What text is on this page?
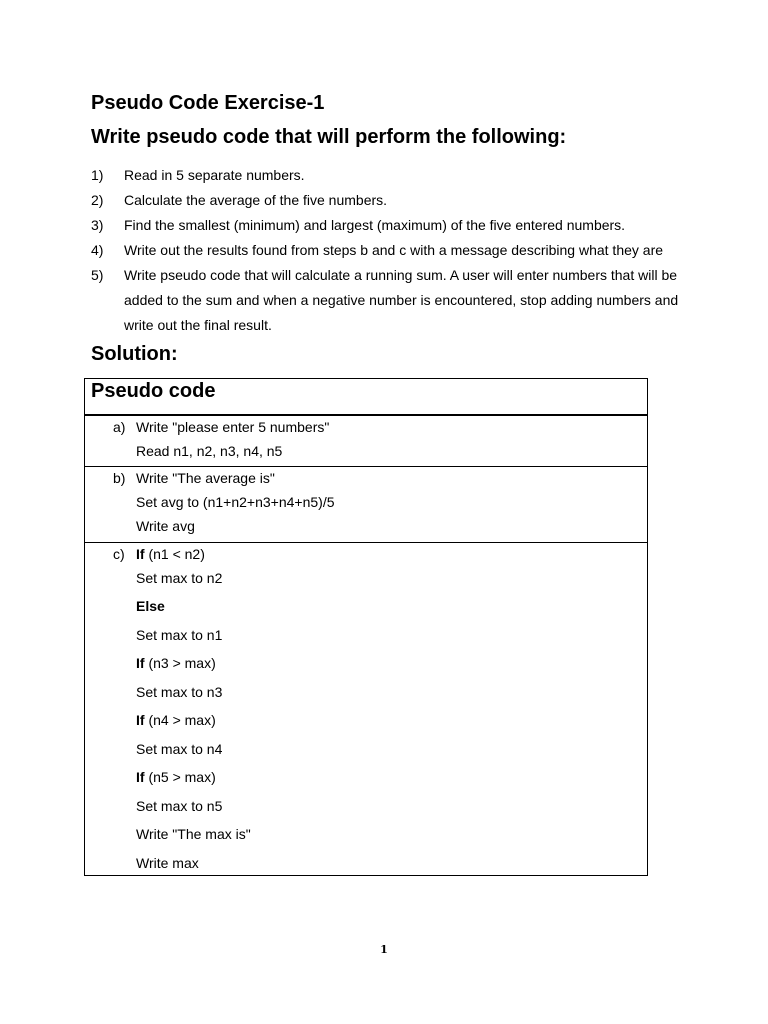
Pseudo Code Exercise-1
Write pseudo code that will perform the following:
1) Read in 5 separate numbers.
2) Calculate the average of the five numbers.
3) Find the smallest (minimum) and largest (maximum) of the five entered numbers.
4) Write out the results found from steps b and c with a message describing what they are
5) Write pseudo code that will calculate a running sum. A user will enter numbers that will be added to the sum and when a negative number is encountered, stop adding numbers and write out the final result.
Solution:
Pseudo code
a) Write "please enter 5 numbers"
Read n1, n2, n3, n4, n5
b) Write "The average is"
Set avg to (n1+n2+n3+n4+n5)/5
Write avg
c) If (n1 < n2)
Set max to n2
Else
Set max to n1
If (n3 > max)
Set max to n3
If (n4 > max)
Set max to n4
If (n5 > max)
Set max to n5
Write "The max is"
Write max
1
